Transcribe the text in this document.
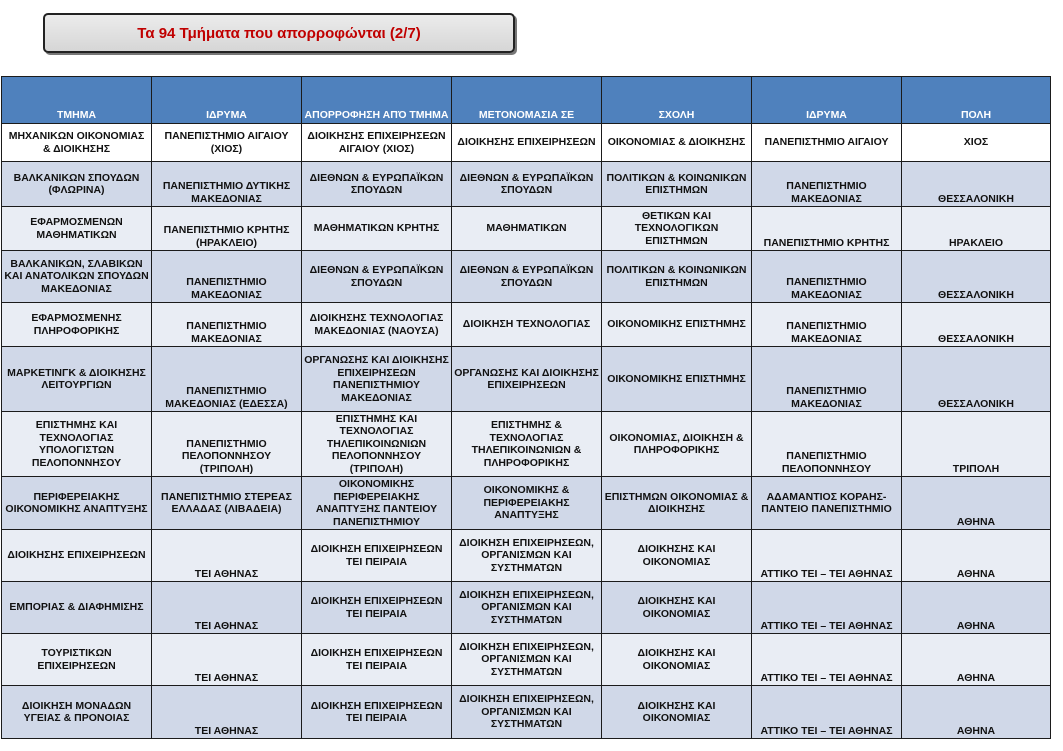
Τα 94 Τμήματα που απορροφώνται (2/7)
ΤΜΗΜΑ	ΙΔΡΥΜΑ	ΑΠΟΡΡΟΦΗΣΗ ΑΠΌ ΤΜΗΜΑ	ΜΕΤΟΝΟΜΑΣΙΑ ΣΕ	ΣΧΟΛΗ	ΙΔΡΥΜΑ	ΠΟΛΗ
ΜΗΧΑΝΙΚΩΝ ΟΙΚΟΝΟΜΙΑΣ & ΔΙΟΙΚΗΣΗΣ	ΠΑΝΕΠΙΣΤΗΜΙΟ ΑΙΓΑΙΟΥ (ΧΙΟΣ)	ΔΙΟΙΚΗΣΗΣ ΕΠΙΧΕΙΡΗΣΕΩΝ ΑΙΓΑΙΟΥ (ΧΙΟΣ)	ΔΙΟΙΚΗΣΗΣ ΕΠΙΧΕΙΡΗΣΕΩΝ	ΟΙΚΟΝΟΜΙΑΣ & ΔΙΟΙΚΗΣΗΣ	ΠΑΝΕΠΙΣΤΗΜΙΟ ΑΙΓΑΙΟΥ	ΧΙΟΣ
ΒΑΛΚΑΝΙΚΩΝ ΣΠΟΥΔΩΝ (ΦΛΩΡΙΝΑ)	ΠΑΝΕΠΙΣΤΗΜΙΟ ΔΥΤΙΚΗΣ ΜΑΚΕΔΟΝΙΑΣ	ΔΙΕΘΝΩΝ & ΕΥΡΩΠΑΪΚΩΝ ΣΠΟΥΔΩΝ	ΔΙΕΘΝΩΝ & ΕΥΡΩΠΑΪΚΩΝ ΣΠΟΥΔΩΝ	ΠΟΛΙΤΙΚΩΝ & ΚΟΙΝΩΝΙΚΩΝ ΕΠΙΣΤΗΜΩΝ	ΠΑΝΕΠΙΣΤΗΜΙΟ ΜΑΚΕΔΟΝΙΑΣ	ΘΕΣΣΑΛΟΝΙΚΗ
ΕΦΑΡΜΟΣΜΕΝΩΝ ΜΑΘΗΜΑΤΙΚΩΝ	ΠΑΝΕΠΙΣΤΗΜΙΟ ΚΡΗΤΗΣ (ΗΡΑΚΛΕΙΟ)	ΜΑΘΗΜΑΤΙΚΩΝ ΚΡΗΤΗΣ	ΜΑΘΗΜΑΤΙΚΩΝ	ΘΕΤΙΚΩΝ ΚΑΙ ΤΕΧΝΟΛΟΓΙΚΩΝ ΕΠΙΣΤΗΜΩΝ	ΠΑΝΕΠΙΣΤΗΜΙΟ ΚΡΗΤΗΣ	ΗΡΑΚΛΕΙΟ
ΒΑΛΚΑΝΙΚΩΝ, ΣΛΑΒΙΚΩΝ ΚΑΙ ΑΝΑΤΟΛΙΚΩΝ ΣΠΟΥΔΩΝ ΜΑΚΕΔΟΝΙΑΣ	ΠΑΝΕΠΙΣΤΗΜΙΟ ΜΑΚΕΔΟΝΙΑΣ	ΔΙΕΘΝΩΝ & ΕΥΡΩΠΑΪΚΩΝ ΣΠΟΥΔΩΝ	ΔΙΕΘΝΩΝ & ΕΥΡΩΠΑΪΚΩΝ ΣΠΟΥΔΩΝ	ΠΟΛΙΤΙΚΩΝ & ΚΟΙΝΩΝΙΚΩΝ ΕΠΙΣΤΗΜΩΝ	ΠΑΝΕΠΙΣΤΗΜΙΟ ΜΑΚΕΔΟΝΙΑΣ	ΘΕΣΣΑΛΟΝΙΚΗ
ΕΦΑΡΜΟΣΜΕΝΗΣ ΠΛΗΡΟΦΟΡΙΚΗΣ	ΠΑΝΕΠΙΣΤΗΜΙΟ ΜΑΚΕΔΟΝΙΑΣ	ΔΙΟΙΚΗΣΗΣ ΤΕΧΝΟΛΟΓΙΑΣ ΜΑΚΕΔΟΝΙΑΣ (ΝΑΟΥΣΑ)	ΔΙΟΙΚΗΣΗ ΤΕΧΝΟΛΟΓΙΑΣ	ΟΙΚΟΝΟΜΙΚΗΣ ΕΠΙΣΤΗΜΗΣ	ΠΑΝΕΠΙΣΤΗΜΙΟ ΜΑΚΕΔΟΝΙΑΣ	ΘΕΣΣΑΛΟΝΙΚΗ
ΜΑΡΚΕΤΙΝΓΚ & ΔΙΟΙΚΗΣΗΣ ΛΕΙΤΟΥΡΓΙΩΝ	ΠΑΝΕΠΙΣΤΗΜΙΟ ΜΑΚΕΔΟΝΙΑΣ (ΕΔΕΣΣΑ)	ΟΡΓΑΝΩΣΗΣ ΚΑΙ ΔΙΟΙΚΗΣΗΣ ΕΠΙΧΕΙΡΗΣΕΩΝ ΠΑΝΕΠΙΣΤΗΜΙΟΥ ΜΑΚΕΔΟΝΙΑΣ	ΟΡΓΑΝΩΣΗΣ ΚΑΙ ΔΙΟΙΚΗΣΗΣ ΕΠΙΧΕΙΡΗΣΕΩΝ	ΟΙΚΟΝΟΜΙΚΗΣ ΕΠΙΣΤΗΜΗΣ	ΠΑΝΕΠΙΣΤΗΜΙΟ ΜΑΚΕΔΟΝΙΑΣ	ΘΕΣΣΑΛΟΝΙΚΗ
ΕΠΙΣΤΗΜΗΣ ΚΑΙ ΤΕΧΝΟΛΟΓΙΑΣ ΥΠΟΛΟΓΙΣΤΩΝ ΠΕΛΟΠΟΝΝΗΣΟΥ	ΠΑΝΕΠΙΣΤΗΜΙΟ ΠΕΛΟΠΟΝΝΗΣΟΥ (ΤΡΙΠΟΛΗ)	ΕΠΙΣΤΗΜΗΣ ΚΑΙ ΤΕΧΝΟΛΟΓΙΑΣ ΤΗΛΕΠΙΚΟΙΝΩΝΙΩΝ ΠΕΛΟΠΟΝΝΗΣΟΥ (ΤΡΙΠΟΛΗ)	ΕΠΙΣΤΗΜΗΣ & ΤΕΧΝΟΛΟΓΙΑΣ ΤΗΛΕΠΙΚΟΙΝΩΝΙΩΝ & ΠΛΗΡΟΦΟΡΙΚΗΣ	ΟΙΚΟΝΟΜΙΑΣ, ΔΙΟΙΚΗΣΗ & ΠΛΗΡΟΦΟΡΙΚΗΣ	ΠΑΝΕΠΙΣΤΗΜΙΟ ΠΕΛΟΠΟΝΝΗΣΟΥ	ΤΡΙΠΟΛΗ
ΠΕΡΙΦΕΡΕΙΑΚΗΣ ΟΙΚΟΝΟΜΙΚΗΣ ΑΝΑΠΤΥΞΗΣ	ΠΑΝΕΠΙΣΤΗΜΙΟ ΣΤΕΡΕΑΣ ΕΛΛΑΔΑΣ (ΛΙΒΑΔΕΙΑ)	ΟΙΚΟΝΟΜΙΚΗΣ ΠΕΡΙΦΕΡΕΙΑΚΗΣ ΑΝΑΠΤΥΞΗΣ ΠΑΝΤΕΙΟΥ ΠΑΝΕΠΙΣΤΗΜΙΟΥ	ΟΙΚΟΝΟΜΙΚΗΣ & ΠΕΡΙΦΕΡΕΙΑΚΗΣ ΑΝΑΠΤΥΞΗΣ	ΕΠΙΣΤΗΜΩΝ ΟΙΚΟΝΟΜΙΑΣ & ΔΙΟΙΚΗΣΗΣ	ΑΔΑΜΑΝΤΙΟΣ ΚΟΡΑΗΣ- ΠΑΝΤΕΙΟ ΠΑΝΕΠΙΣΤΗΜΙΟ	ΑΘΗΝΑ
ΔΙΟΙΚΗΣΗΣ ΕΠΙΧΕΙΡΗΣΕΩΝ	ΤΕΙ ΑΘΗΝΑΣ	ΔΙΟΙΚΗΣΗ ΕΠΙΧΕΙΡΗΣΕΩΝ ΤΕΙ ΠΕΙΡΑΙΑ	ΔΙΟΙΚΗΣΗ ΕΠΙΧΕΙΡΗΣΕΩΝ, ΟΡΓΑΝΙΣΜΩΝ ΚΑΙ ΣΥΣΤΗΜΑΤΩΝ	ΔΙΟΙΚΗΣΗΣ ΚΑΙ ΟΙΚΟΝΟΜΙΑΣ	ΑΤΤΙΚΟ ΤΕΙ – ΤΕΙ ΑΘΗΝΑΣ	ΑΘΗΝΑ
ΕΜΠΟΡΙΑΣ & ΔΙΑΦΗΜΙΣΗΣ	ΤΕΙ ΑΘΗΝΑΣ	ΔΙΟΙΚΗΣΗ ΕΠΙΧΕΙΡΗΣΕΩΝ ΤΕΙ ΠΕΙΡΑΙΑ	ΔΙΟΙΚΗΣΗ ΕΠΙΧΕΙΡΗΣΕΩΝ, ΟΡΓΑΝΙΣΜΩΝ ΚΑΙ ΣΥΣΤΗΜΑΤΩΝ	ΔΙΟΙΚΗΣΗΣ ΚΑΙ ΟΙΚΟΝΟΜΙΑΣ	ΑΤΤΙΚΟ ΤΕΙ – ΤΕΙ ΑΘΗΝΑΣ	ΑΘΗΝΑ
ΤΟΥΡΙΣΤΙΚΩΝ ΕΠΙΧΕΙΡΗΣΕΩΝ	ΤΕΙ ΑΘΗΝΑΣ	ΔΙΟΙΚΗΣΗ ΕΠΙΧΕΙΡΗΣΕΩΝ ΤΕΙ ΠΕΙΡΑΙΑ	ΔΙΟΙΚΗΣΗ ΕΠΙΧΕΙΡΗΣΕΩΝ, ΟΡΓΑΝΙΣΜΩΝ ΚΑΙ ΣΥΣΤΗΜΑΤΩΝ	ΔΙΟΙΚΗΣΗΣ ΚΑΙ ΟΙΚΟΝΟΜΙΑΣ	ΑΤΤΙΚΟ ΤΕΙ – ΤΕΙ ΑΘΗΝΑΣ	ΑΘΗΝΑ
ΔΙΟΙΚΗΣΗ ΜΟΝΑΔΩΝ ΥΓΕΙΑΣ & ΠΡΟΝΟΙΑΣ	ΤΕΙ ΑΘΗΝΑΣ	ΔΙΟΙΚΗΣΗ ΕΠΙΧΕΙΡΗΣΕΩΝ ΤΕΙ ΠΕΙΡΑΙΑ	ΔΙΟΙΚΗΣΗ ΕΠΙΧΕΙΡΗΣΕΩΝ, ΟΡΓΑΝΙΣΜΩΝ ΚΑΙ ΣΥΣΤΗΜΑΤΩΝ	ΔΙΟΙΚΗΣΗΣ ΚΑΙ ΟΙΚΟΝΟΜΙΑΣ	ΑΤΤΙΚΟ ΤΕΙ – ΤΕΙ ΑΘΗΝΑΣ	ΑΘΗΝΑ
